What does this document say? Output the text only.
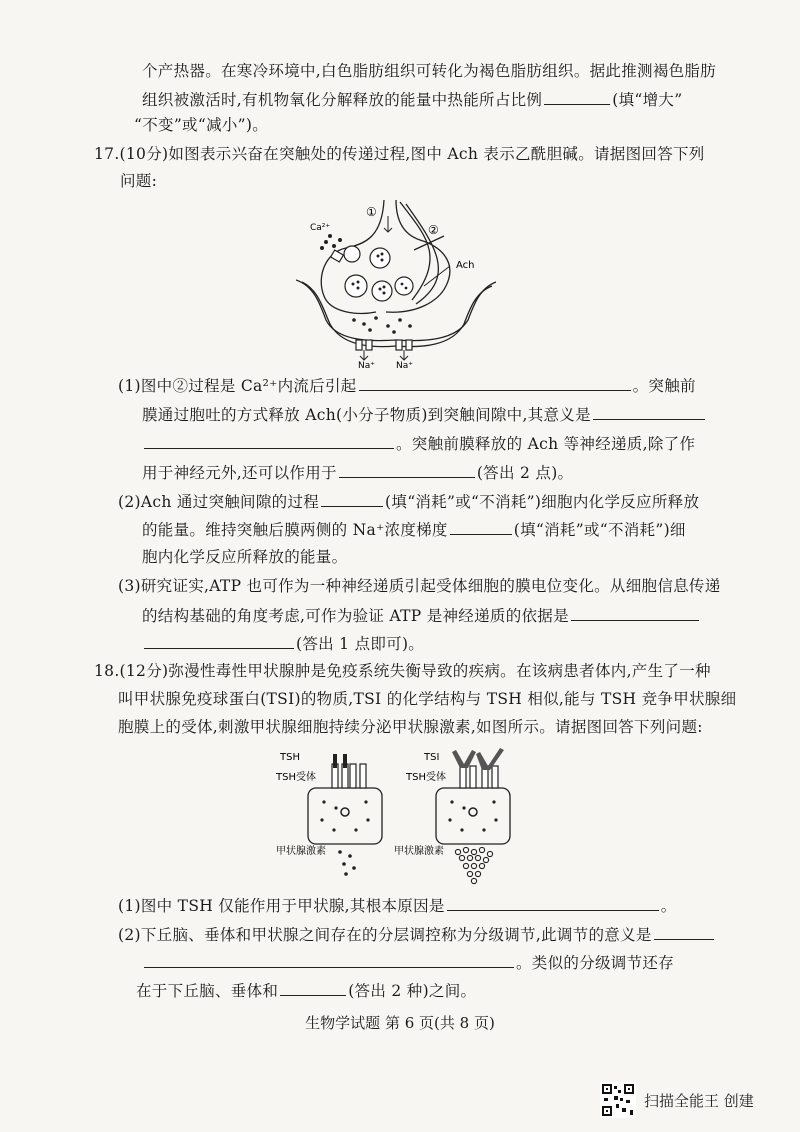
个产热器。在寒冷环境中,白色脂肪组织可转化为褐色脂肪组织。据此推测褐色脂肪
组织被激活时,有机物氧化分解释放的能量中热能所占比例	(填“增大”
“不变”或“减小”)。
17.(10分)如图表示兴奋在突触处的传递过程,图中 Ach 表示乙酰胆碱。请据图回答下列
问题:
Ca²⁺
①
②
Ach
Na⁺ Na⁺
(1)图中②过程是 Ca²⁺内流后引起	。突触前
膜通过胞吐的方式释放 Ach(小分子物质)到突触间隙中,其意义是
。突触前膜释放的 Ach 等神经递质,除了作
用于神经元外,还可以作用于	(答出 2 点)。
(2)Ach 通过突触间隙的过程	(填“消耗”或“不消耗”)细胞内化学反应所释放
的能量。维持突触后膜两侧的 Na⁺浓度梯度	(填“消耗”或“不消耗”)细
胞内化学反应所释放的能量。
(3)研究证实,ATP 也可作为一种神经递质引起受体细胞的膜电位变化。从细胞信息传递
的结构基础的角度考虑,可作为验证 ATP 是神经递质的依据是
(答出 1 点即可)。
18.(12分)弥漫性毒性甲状腺肿是免疫系统失衡导致的疾病。在该病患者体内,产生了一种
叫甲状腺免疫球蛋白(TSI)的物质,TSI 的化学结构与 TSH 相似,能与 TSH 竞争甲状腺细
胞膜上的受体,刺激甲状腺细胞持续分泌甲状腺激素,如图所示。请据图回答下列问题:
TSH
TSH受体
甲状腺激素
TSI
TSH受体
甲状腺激素
(1)图中 TSH 仅能作用于甲状腺,其根本原因是	。
(2)下丘脑、垂体和甲状腺之间存在的分层调控称为分级调节,此调节的意义是
。类似的分级调节还存
在于下丘脑、垂体和	(答出 2 种)之间。
生物学试题 第 6 页(共 8 页)
扫描全能王 创建
